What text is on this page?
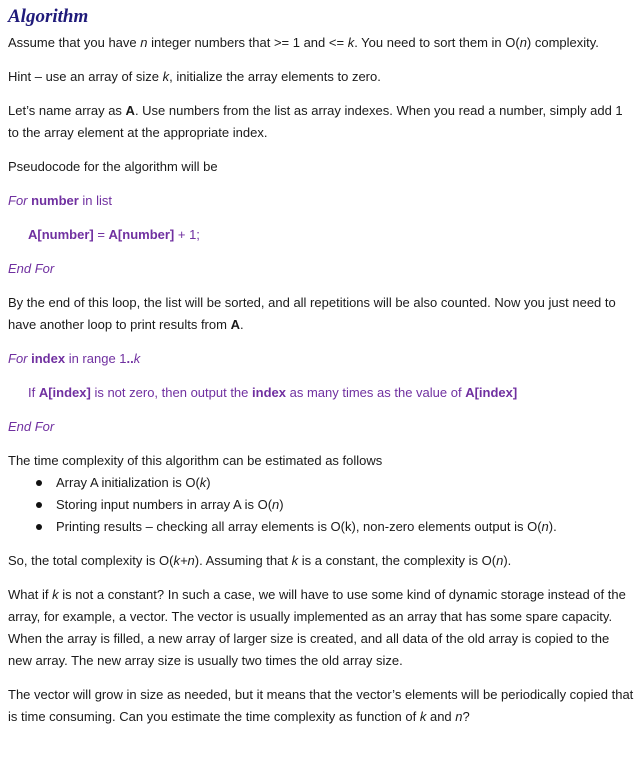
Algorithm

Assume that you have n integer numbers that >= 1 and <= k. You need to sort them in O(n) complexity.

Hint – use an array of size k, initialize the array elements to zero.

Let’s name array as A. Use numbers from the list as array indexes. When you read a number, simply add 1 to the array element at the appropriate index.

Pseudocode for the algorithm will be

For number in list

A[number] = A[number] + 1;

End For

By the end of this loop, the list will be sorted, and all repetitions will be also counted. Now you just need to have another loop to print results from A.

For index in range 1..k

If A[index] is not zero, then output the index as many times as the value of A[index]

End For

The time complexity of this algorithm can be estimated as follows

Array A initialization is O(k)
Storing input numbers in array A is O(n)
Printing results – checking all array elements is O(k), non-zero elements output is O(n).

So, the total complexity is O(k+n). Assuming that k is a constant, the complexity is O(n).

What if k is not a constant? In such a case, we will have to use some kind of dynamic storage instead of the array, for example, a vector. The vector is usually implemented as an array that has some spare capacity. When the array is filled, a new array of larger size is created, and all data of the old array is copied to the new array. The new array size is usually two times the old array size.

The vector will grow in size as needed, but it means that the vector’s elements will be periodically copied that is time consuming. Can you estimate the time complexity as function of k and n?
